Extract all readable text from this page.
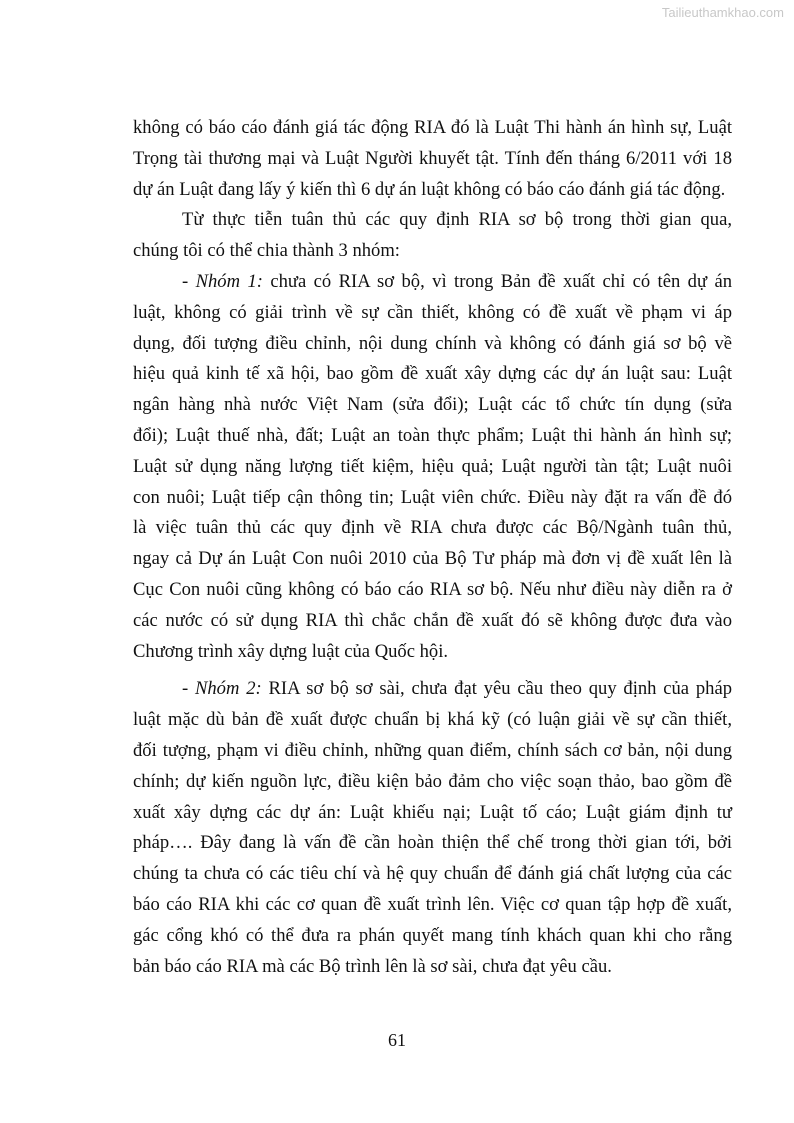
Tailieuthamkhao.com
không có báo cáo đánh giá tác động RIA đó là Luật Thi hành án hình sự, Luật
Trọng tài thương mại và Luật Người khuyết tật. Tính đến tháng 6/2011 với 18
dự án Luật đang lấy ý kiến thì 6 dự án luật không có báo cáo đánh giá tác động.
Từ thực tiễn tuân thủ các quy định RIA sơ bộ trong thời gian qua,
chúng tôi có thể chia thành 3 nhóm:
- Nhóm 1: chưa có RIA sơ bộ, vì trong Bản đề xuất chỉ có tên dự án
luật, không có giải trình về sự cần thiết, không có đề xuất về phạm vi áp
dụng, đối tượng điều chỉnh, nội dung chính và không có đánh giá sơ bộ về
hiệu quả kinh tế xã hội, bao gồm đề xuất xây dựng các dự án luật sau: Luật
ngân hàng nhà nước Việt Nam (sửa đổi); Luật các tổ chức tín dụng (sửa
đổi); Luật thuế nhà, đất; Luật an toàn thực phẩm; Luật thi hành án hình sự;
Luật sử dụng năng lượng tiết kiệm, hiệu quả; Luật người tàn tật; Luật nuôi
con nuôi; Luật tiếp cận thông tin; Luật viên chức. Điều này đặt ra vấn đề đó
là việc tuân thủ các quy định về RIA chưa được các Bộ/Ngành tuân thủ,
ngay cả Dự án Luật Con nuôi 2010 của Bộ Tư pháp mà đơn vị đề xuất lên là
Cục Con nuôi cũng không có báo cáo RIA sơ bộ. Nếu như điều này diễn ra ở
các nước có sử dụng RIA thì chắc chắn đề xuất đó sẽ không được đưa vào
Chương trình xây dựng luật của Quốc hội.
- Nhóm 2: RIA sơ bộ sơ sài, chưa đạt yêu cầu theo quy định của pháp
luật mặc dù bản đề xuất được chuẩn bị khá kỹ (có luận giải về sự cần thiết,
đối tượng, phạm vi điều chỉnh, những quan điểm, chính sách cơ bản, nội dung
chính; dự kiến nguồn lực, điều kiện bảo đảm cho việc soạn thảo, bao gồm đề
xuất xây dựng các dự án: Luật khiếu nại; Luật tố cáo; Luật giám định tư
pháp…. Đây đang là vấn đề cần hoàn thiện thể chế trong thời gian tới, bởi
chúng ta chưa có các tiêu chí và hệ quy chuẩn để đánh giá chất lượng của các
báo cáo RIA khi các cơ quan đề xuất trình lên. Việc cơ quan tập hợp đề xuất,
gác cổng khó có thể đưa ra phán quyết mang tính khách quan khi cho rằng
bản báo cáo RIA mà các Bộ trình lên là sơ sài, chưa đạt yêu cầu.
61
